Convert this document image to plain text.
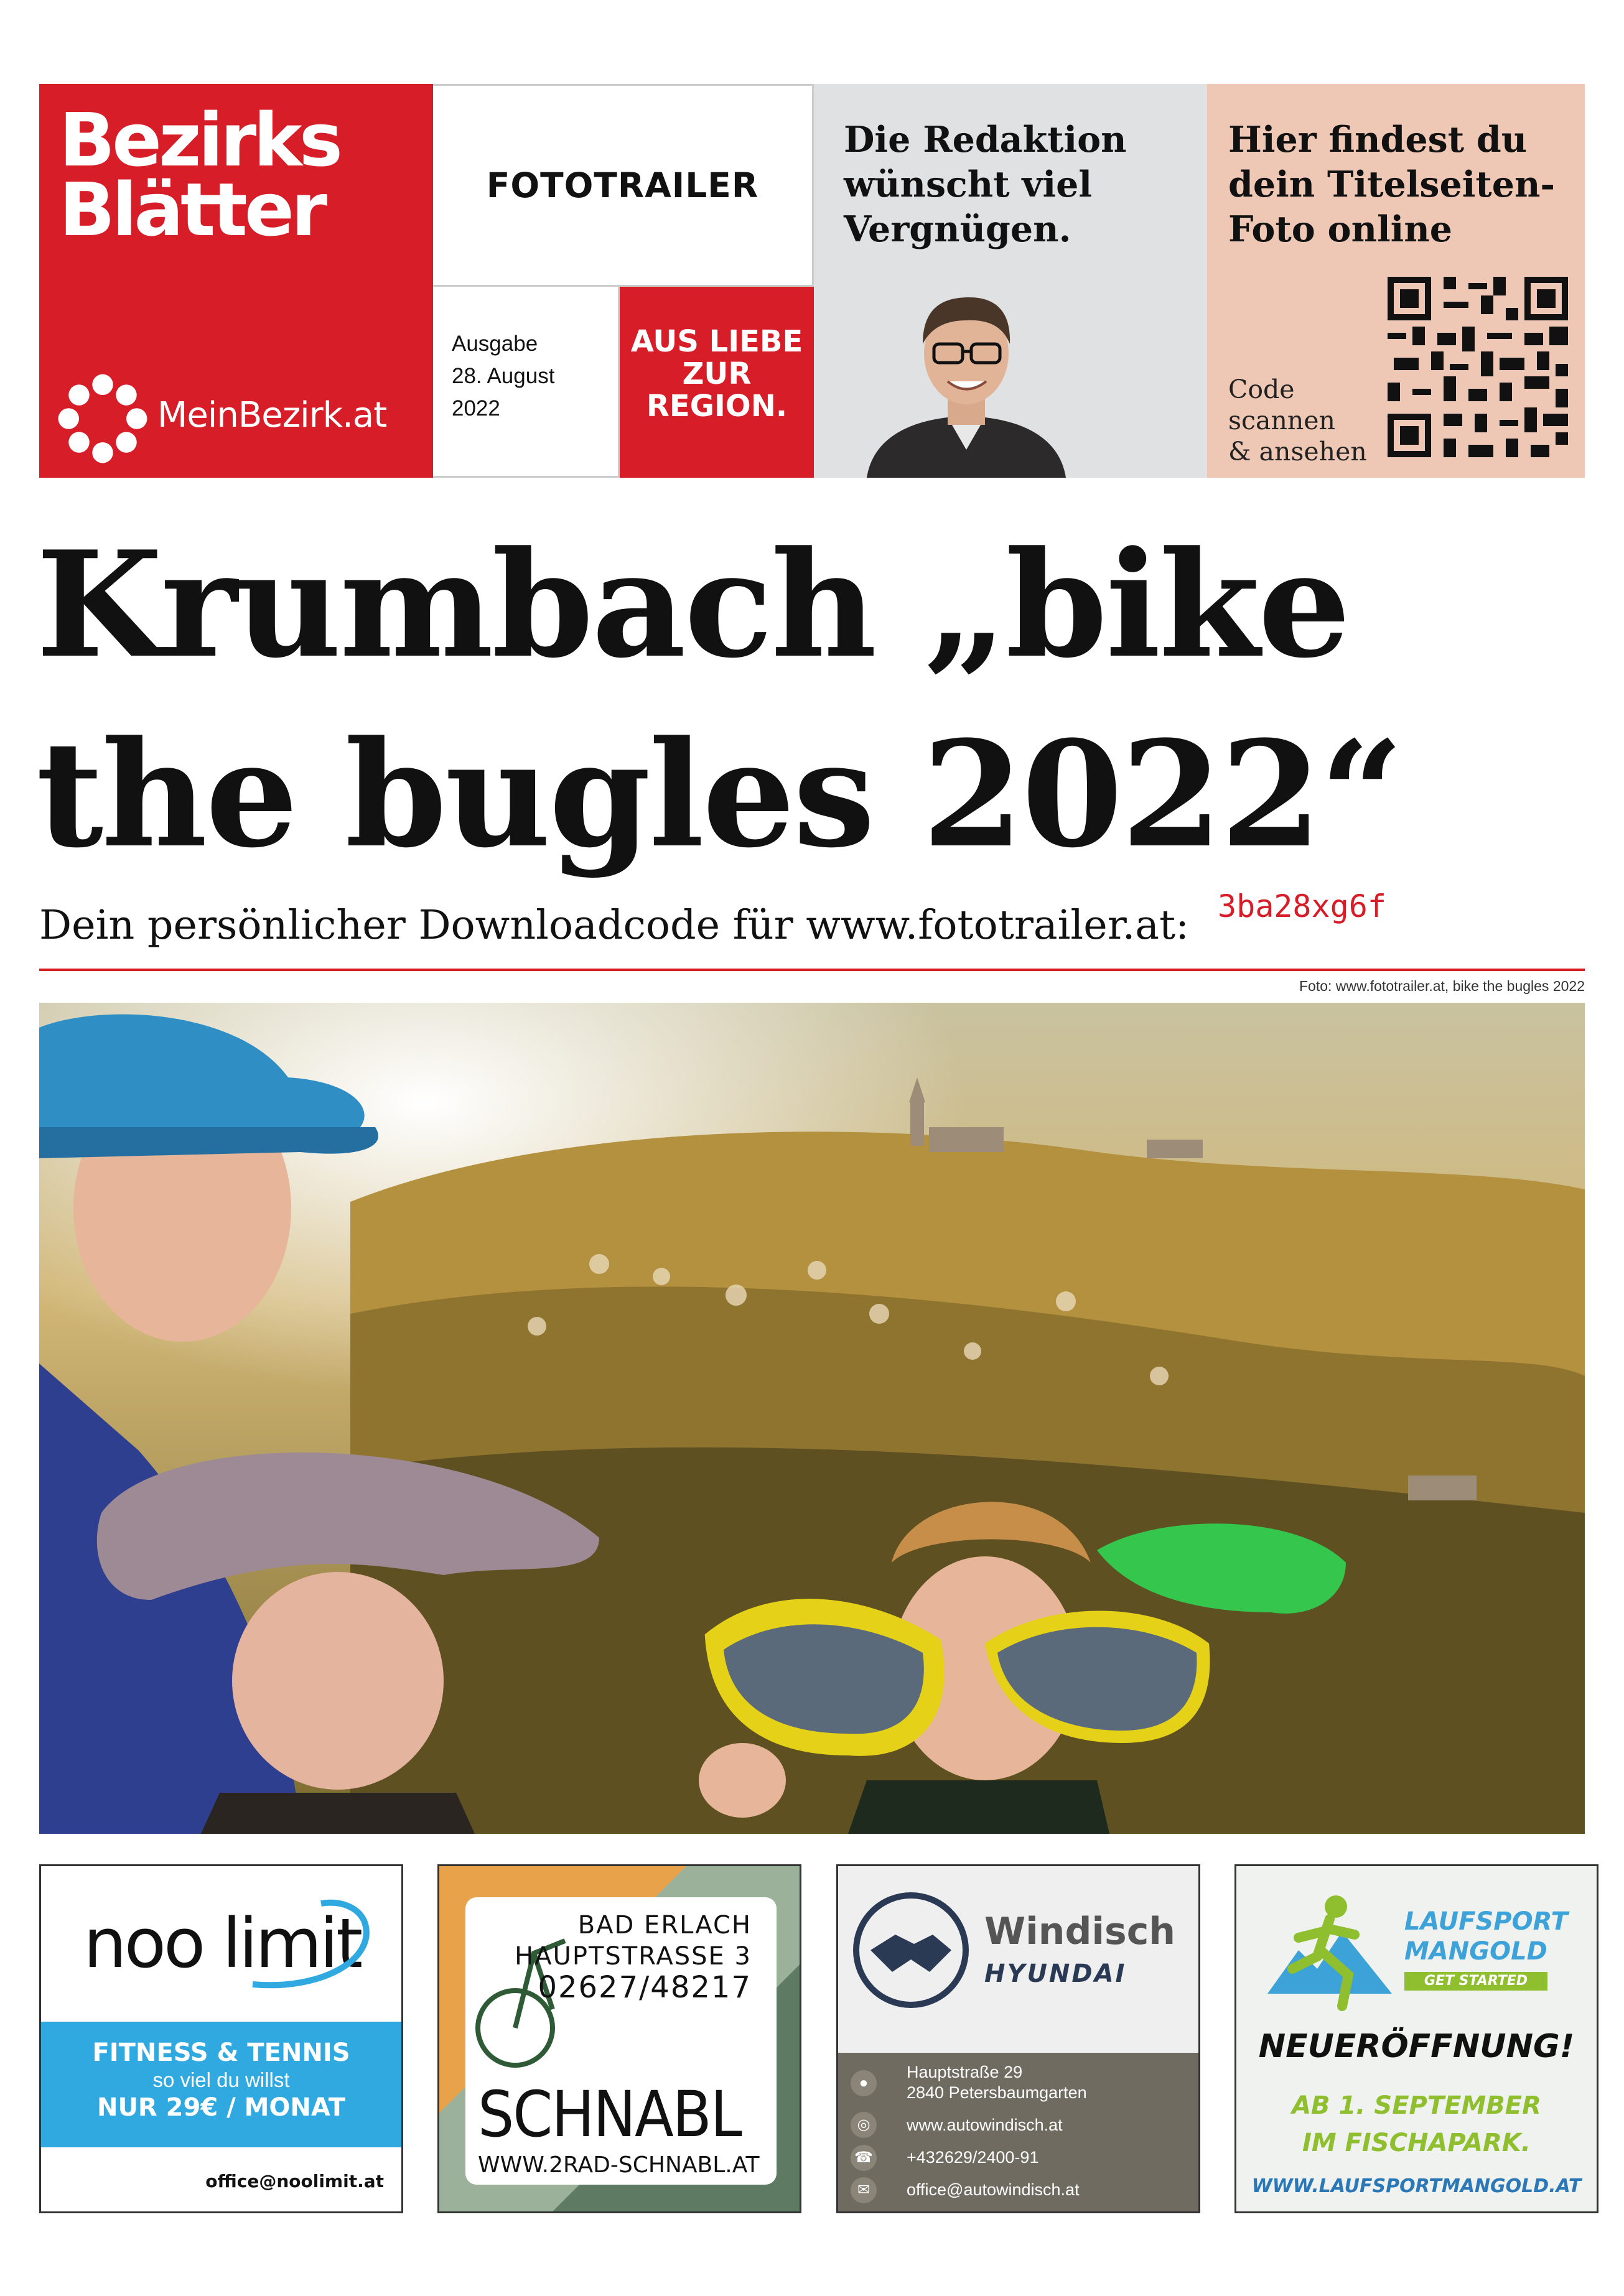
Bezirks
Blätter
MeinBezirk.at
FOTOTRAILER
Ausgabe
28. August
2022
AUS LIEBE
ZUR
REGION.
Die Redaktion
wünscht viel
Vergnügen.
Hier findest du
dein Titelseiten-
Foto online
Code
scannen
& ansehen
Krumbach „bike
the bugles 2022“
Dein persönlicher Downloadcode für www.fototrailer.at: 3ba28xg6f
Foto: www.fototrailer.at, bike the bugles 2022
noo limit
FITNESS & TENNIS
so viel du willst
NUR 29€ / MONAT
office@noolimit.at
BAD ERLACH
HAUPTSTRASSE 3
02627/48217
SCHNABL
WWW.2RAD-SCHNABL.AT
Windisch
HYUNDAI
●
Hauptstraße 29
2840 Petersbaumgarten
◎	www.autowindisch.at
☎ +432629/2400-91
✉	office@autowindisch.at
LAUFSPORT
MANGOLD
GET STARTED
NEUERÖFFNUNG!
AB 1. SEPTEMBER
IM FISCHAPARK.
WWW.LAUFSPORTMANGOLD.AT
